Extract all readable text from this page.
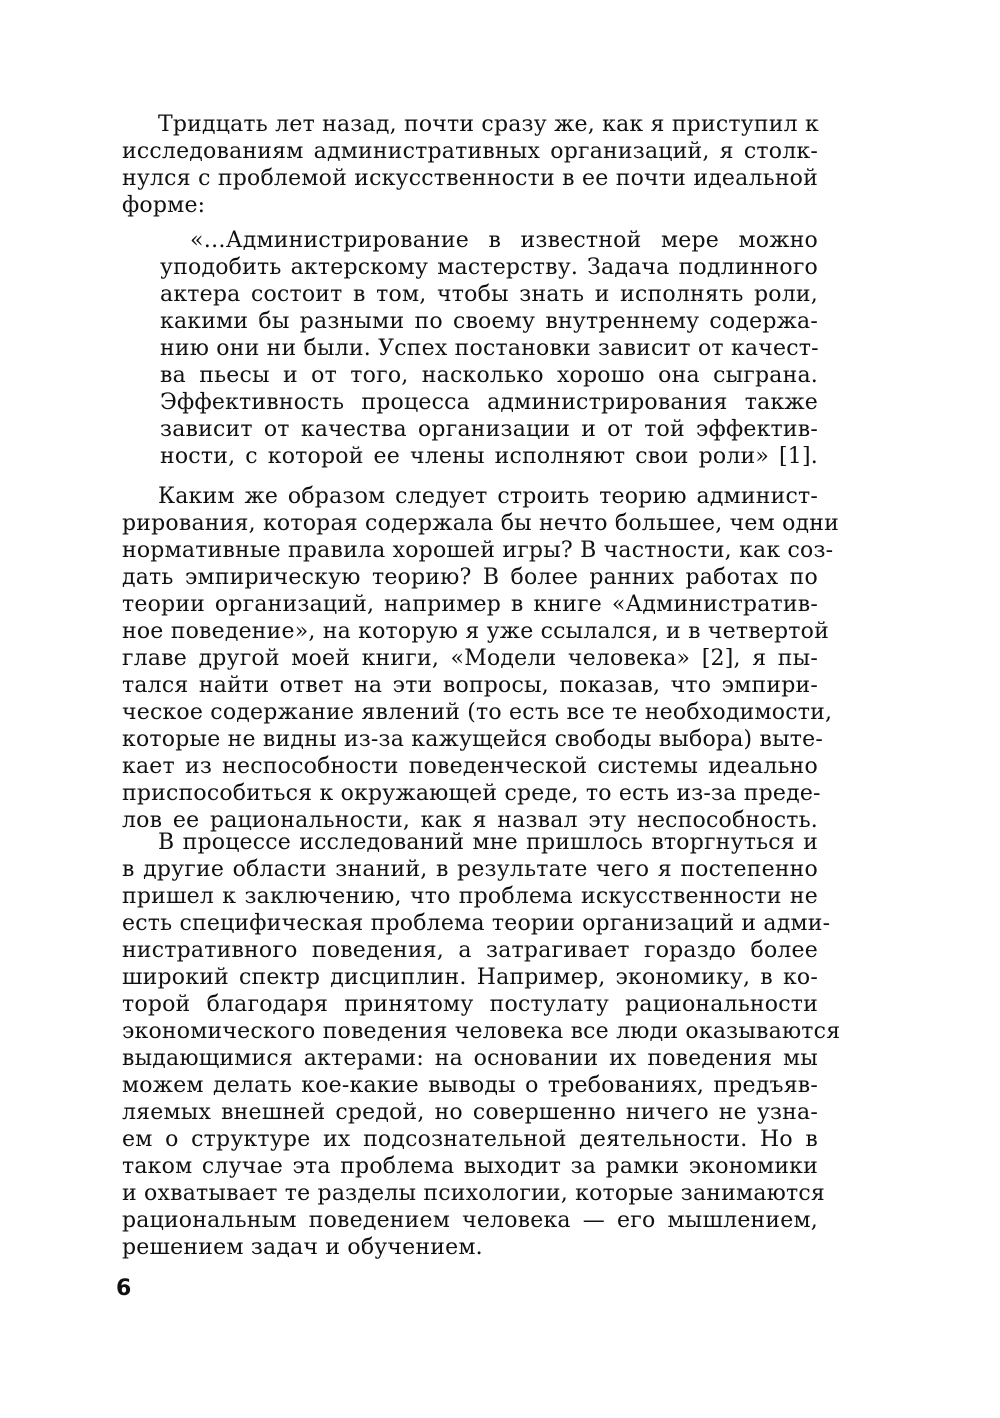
Тридцать лет назад, почти сразу же, как я приступил к
исследованиям административных организаций, я столк-
нулся с проблемой искусственности в ее почти идеальной
форме:
«…Администрирование в известной мере можно
уподобить актерскому мастерству. Задача подлинного
актера состоит в том, чтобы знать и исполнять роли,
какими бы разными по своему внутреннему содержа-
нию они ни были. Успех постановки зависит от качест-
ва пьесы и от того, насколько хорошо она сыграна.
Эффективность процесса администрирования также
зависит от качества организации и от той эффектив-
ности, с которой ее члены исполняют свои роли» [1].
Каким же образом следует строить теорию админист-
рирования, которая содержала бы нечто большее, чем одни
нормативные правила хорошей игры? В частности, как соз-
дать эмпирическую теорию? В более ранних работах по
теории организаций, например в книге «Административ-
ное поведение», на которую я уже ссылался, и в четвертой
главе другой моей книги, «Модели человека» [2], я пы-
тался найти ответ на эти вопросы, показав, что эмпири-
ческое содержание явлений (то есть все те необходимости,
которые не видны из-за кажущейся свободы выбора) выте-
кает из неспособности поведенческой системы идеально
приспособиться к окружающей среде, то есть из-за преде-
лов ее рациональности, как я назвал эту неспособность.
В процессе исследований мне пришлось вторгнуться и
в другие области знаний, в результате чего я постепенно
пришел к заключению, что проблема искусственности не
есть специфическая проблема теории организаций и адми-
нистративного поведения, а затрагивает гораздо более
широкий спектр дисциплин. Например, экономику, в ко-
торой благодаря принятому постулату рациональности
экономического поведения человека все люди оказываются
выдающимися актерами: на основании их поведения мы
можем делать кое-какие выводы о требованиях, предъяв-
ляемых внешней средой, но совершенно ничего не узна-
ем о структуре их подсознательной деятельности. Но в
таком случае эта проблема выходит за рамки экономики
и охватывает те разделы психологии, которые занимаются
рациональным поведением человека — его мышлением,
решением задач и обучением.
6
